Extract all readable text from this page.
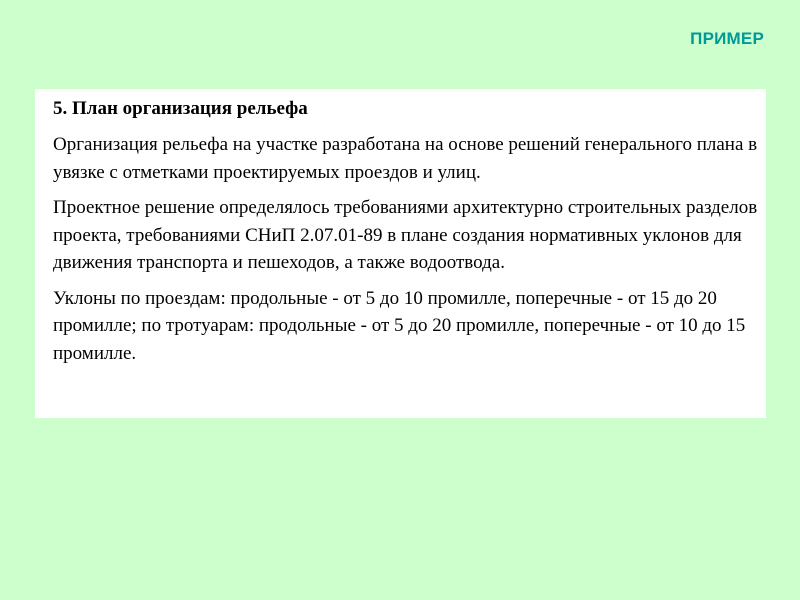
ПРИМЕР
5. План организация рельефа
Организация рельефа на участке разработана на основе решений генерального плана в увязке с отметками проектируемых проездов и улиц.
Проектное решение определялось требованиями архитектурно строительных разделов проекта, требованиями СНиП 2.07.01-89 в плане создания нормативных уклонов для движения транспорта и пешеходов, а также водоотвода.
Уклоны по проездам: продольные - от 5 до 10 промилле, поперечные - от 15 до 20 промилле; по тротуарам: продольные - от 5 до 20 промилле, поперечные - от 10 до 15 промилле.
